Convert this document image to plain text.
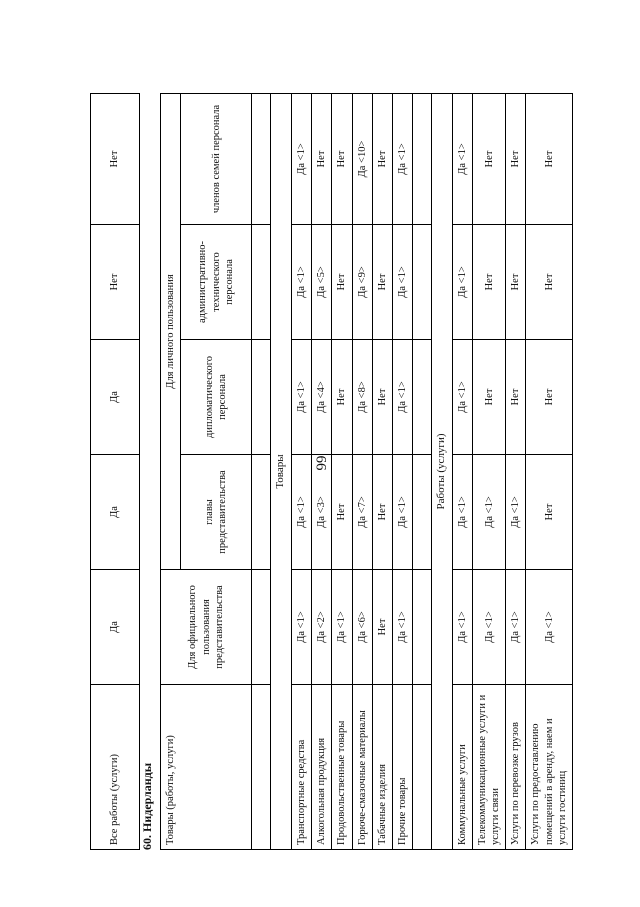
66
Все работы (услуги)	Да	Да	Да	Нет	Нет
60. Нидерланды Товары (работы, услуги)	Для официального пользования представительства	Для личного пользования			
		главы представительства	дипломатического персонала	административно-технического персонала	членов семей персонала

Товары					
Транспортные средства	Да <1>	Да <1>	Да <1>	Да <1>	Да <1>
Алкогольная продукция	Да <2>	Да <3>	Да <4>	Да <5>	Нет
Продовольственные товары	Да <1>	Нет	Нет	Нет	Нет
Горюче-смазочные материалы	Да <6>	Да <7>	Да <8>	Да <9>	Да <10>
Табачные изделия	Нет	Нет	Нет	Нет	Нет
Прочие товары	Да <1>	Да <1>	Да <1>	Да <1>	Да <1>

Работы (услуги)					
Коммунальные услуги	Да <1>	Да <1>	Да <1>	Да <1>	Да <1>
Телекоммуникационные услуги и услуги связи	Да <1>	Да <1>	Нет	Нет	Нет
Услуги по перевозке грузов	Да <1>	Да <1>	Нет	Нет	Нет
Услуги по предоставлению помещений в аренду, наем и услуги гостиниц	Да <1>	Нет	Нет	Нет	Нет
